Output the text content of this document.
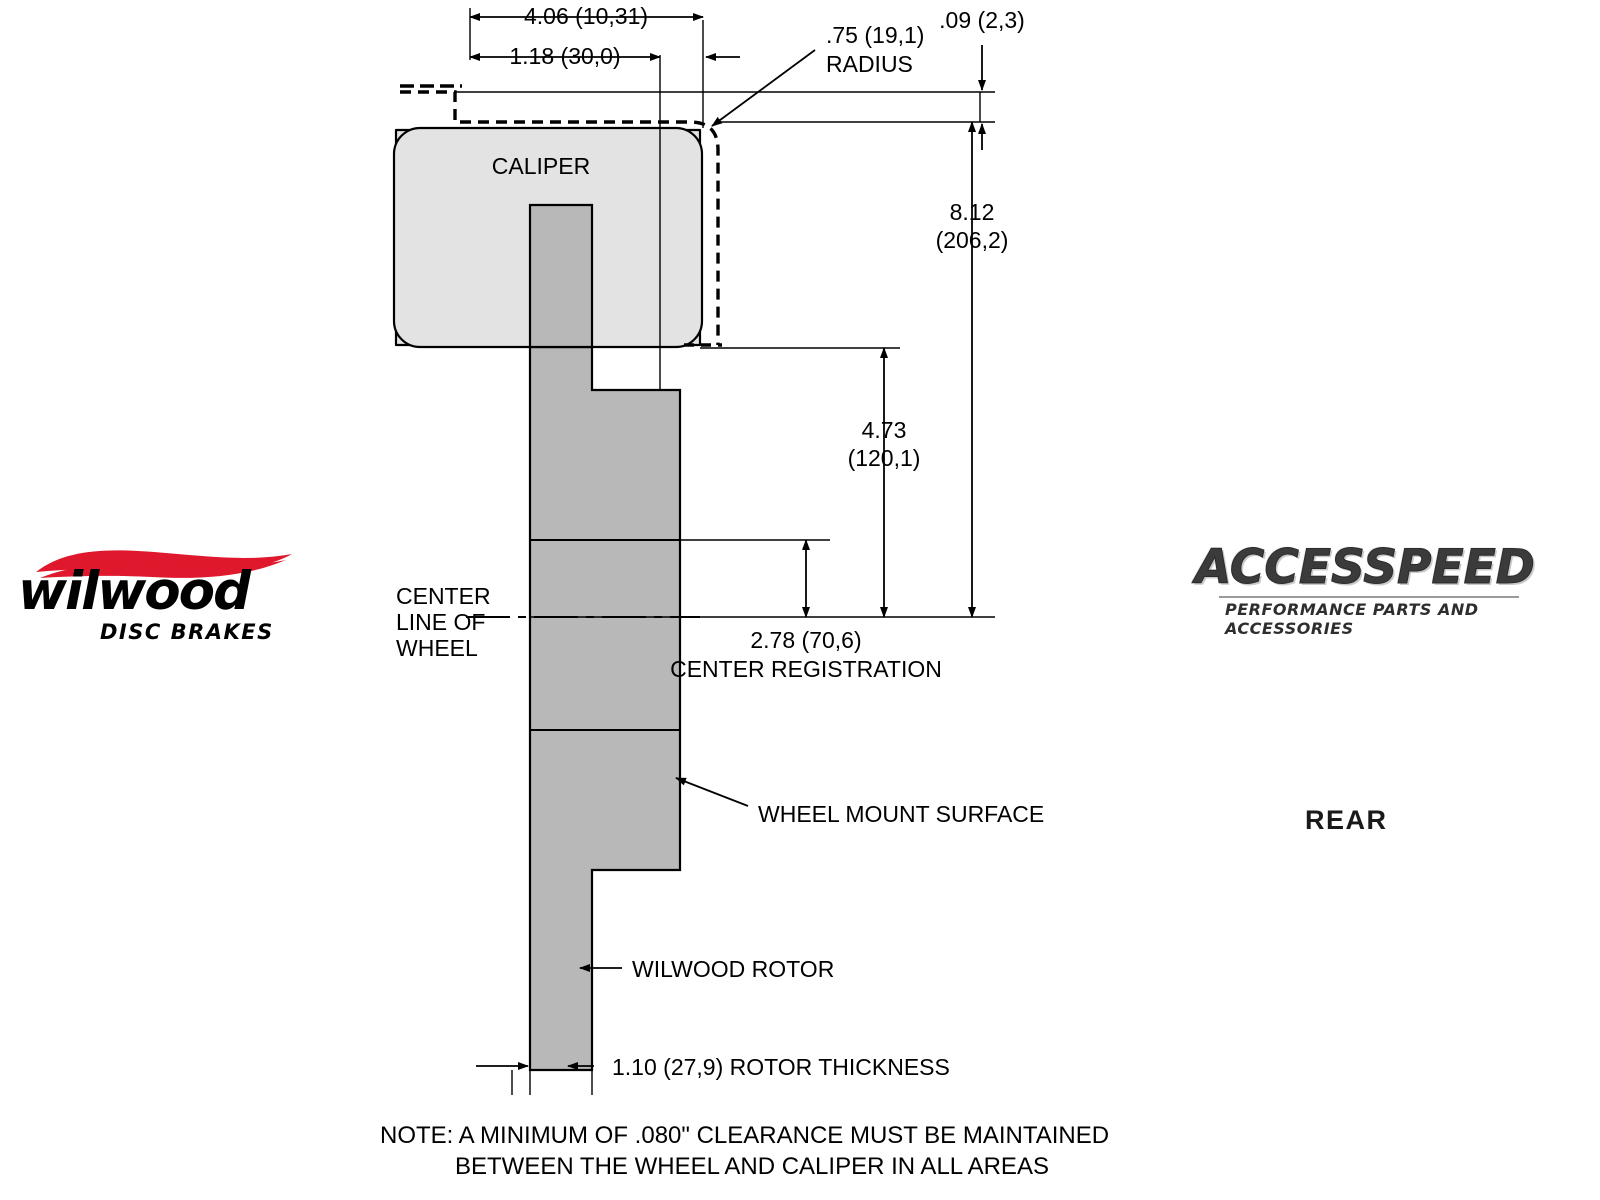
4.06 (10,31)
1.18 (30,0)
.09 (2,3)
.75 (19,1)
RADIUS
8.12
(206,2)
4.73
(120,1)
2.78 (70,6)
CENTER REGISTRATION
CALIPER
CENTER
LINE OF
WHEEL
WHEEL MOUNT SURFACE
WILWOOD ROTOR
1.10 (27,9) ROTOR THICKNESS
NOTE: A MINIMUM OF .080" CLEARANCE MUST BE MAINTAINED
BETWEEN THE WHEEL AND CALIPER IN ALL AREAS
wilwood
DISC BRAKES
ACCESSPEED
PERFORMANCE PARTS AND ACCESSORIES
REAR
